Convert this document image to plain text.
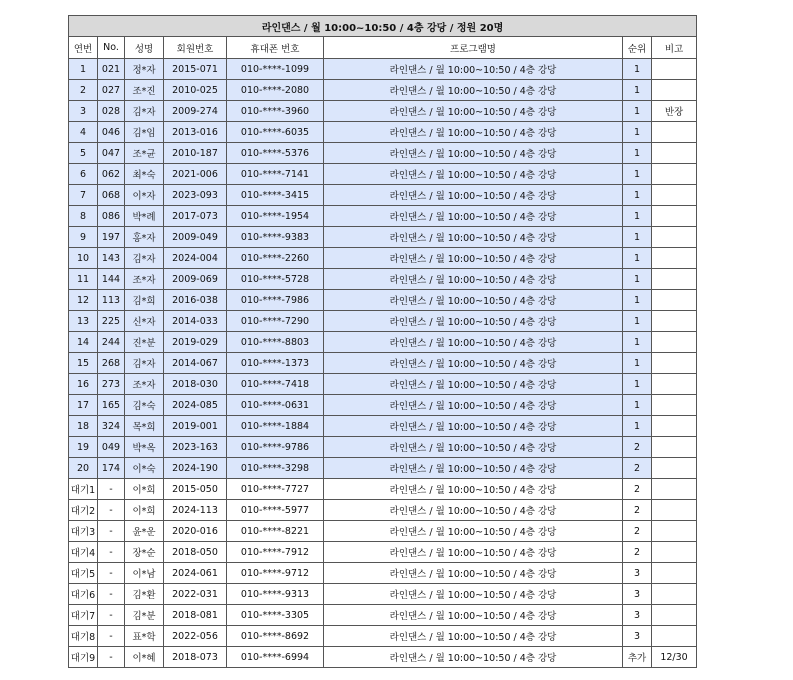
라인댄스 / 월 10:00~10:50 / 4층 강당 / 정원 20명							
연번	No.	성명	회원번호	휴대폰 번호	프로그램명	순위	비고
1	021	정*자	2015-071	010-****-1099	라인댄스 / 월 10:00~10:50 / 4층 강당	1	
2	027	조*진	2010-025	010-****-2080	라인댄스 / 월 10:00~10:50 / 4층 강당	1	
3	028	김*자	2009-274	010-****-3960	라인댄스 / 월 10:00~10:50 / 4층 강당	1	반장
4	046	김*임	2013-016	010-****-6035	라인댄스 / 월 10:00~10:50 / 4층 강당	1	
5	047	조*균	2010-187	010-****-5376	라인댄스 / 월 10:00~10:50 / 4층 강당	1	
6	062	최*숙	2021-006	010-****-7141	라인댄스 / 월 10:00~10:50 / 4층 강당	1	
7	068	이*자	2023-093	010-****-3415	라인댄스 / 월 10:00~10:50 / 4층 강당	1	
8	086	박*례	2017-073	010-****-1954	라인댄스 / 월 10:00~10:50 / 4층 강당	1	
9	197	홍*자	2009-049	010-****-9383	라인댄스 / 월 10:00~10:50 / 4층 강당	1	
10	143	김*자	2024-004	010-****-2260	라인댄스 / 월 10:00~10:50 / 4층 강당	1	
11	144	조*자	2009-069	010-****-5728	라인댄스 / 월 10:00~10:50 / 4층 강당	1	
12	113	김*희	2016-038	010-****-7986	라인댄스 / 월 10:00~10:50 / 4층 강당	1	
13	225	신*자	2014-033	010-****-7290	라인댄스 / 월 10:00~10:50 / 4층 강당	1	
14	244	진*분	2019-029	010-****-8803	라인댄스 / 월 10:00~10:50 / 4층 강당	1	
15	268	김*자	2014-067	010-****-1373	라인댄스 / 월 10:00~10:50 / 4층 강당	1	
16	273	조*자	2018-030	010-****-7418	라인댄스 / 월 10:00~10:50 / 4층 강당	1	
17	165	김*숙	2024-085	010-****-0631	라인댄스 / 월 10:00~10:50 / 4층 강당	1	
18	324	목*희	2019-001	010-****-1884	라인댄스 / 월 10:00~10:50 / 4층 강당	1	
19	049	박*옥	2023-163	010-****-9786	라인댄스 / 월 10:00~10:50 / 4층 강당	2	
20	174	이*숙	2024-190	010-****-3298	라인댄스 / 월 10:00~10:50 / 4층 강당	2	
대기1	-	이*희	2015-050	010-****-7727	라인댄스 / 월 10:00~10:50 / 4층 강당	2	
대기2	-	이*희	2024-113	010-****-5977	라인댄스 / 월 10:00~10:50 / 4층 강당	2	
대기3	-	윤*운	2020-016	010-****-8221	라인댄스 / 월 10:00~10:50 / 4층 강당	2	
대기4	-	장*순	2018-050	010-****-7912	라인댄스 / 월 10:00~10:50 / 4층 강당	2	
대기5	-	이*남	2024-061	010-****-9712	라인댄스 / 월 10:00~10:50 / 4층 강당	3	
대기6	-	김*환	2022-031	010-****-9313	라인댄스 / 월 10:00~10:50 / 4층 강당	3	
대기7	-	김*분	2018-081	010-****-3305	라인댄스 / 월 10:00~10:50 / 4층 강당	3	
대기8	-	표*학	2022-056	010-****-8692	라인댄스 / 월 10:00~10:50 / 4층 강당	3	
대기9	-	이*혜	2018-073	010-****-6994	라인댄스 / 월 10:00~10:50 / 4층 강당	추가	12/30
